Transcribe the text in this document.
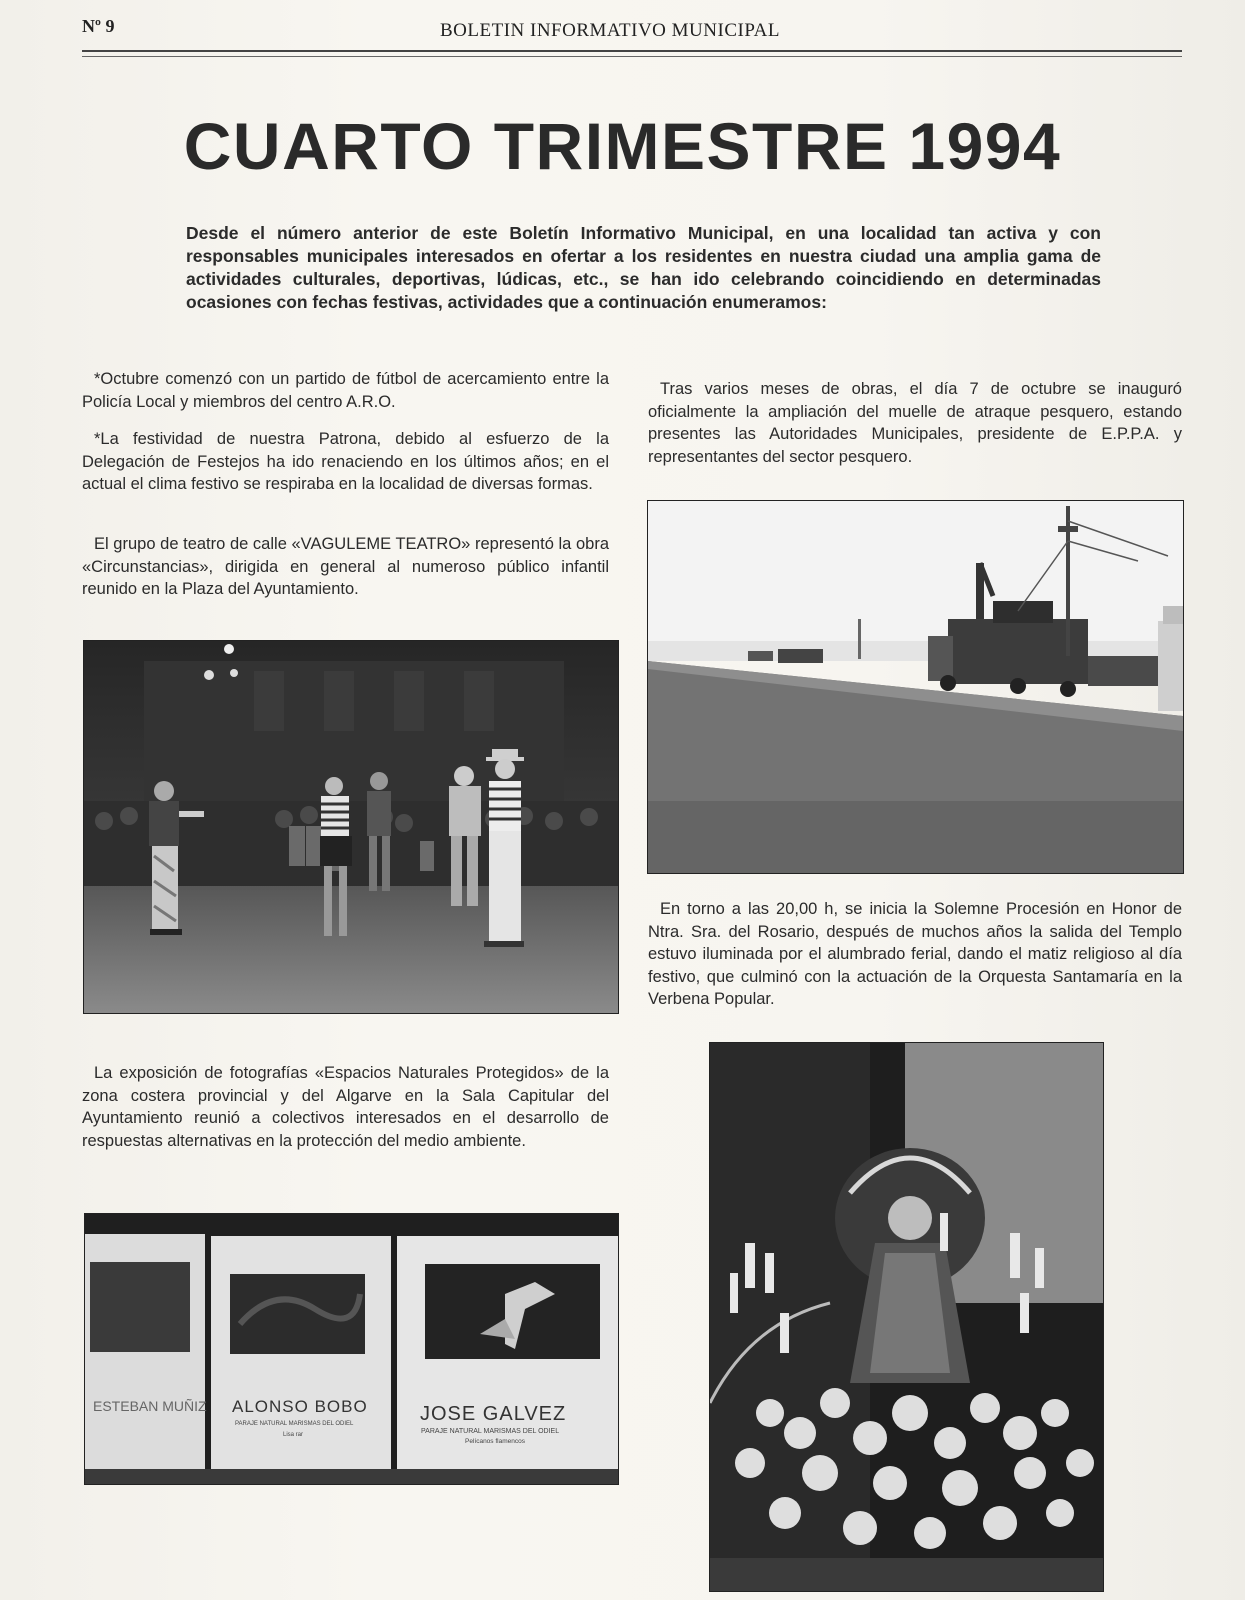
Nº 9	BOLETIN INFORMATIVO MUNICIPAL
CUARTO TRIMESTRE 1994
Desde el número anterior de este Boletín Informativo Municipal, en una localidad tan activa y con responsables municipales interesados en ofertar a los residentes en nuestra ciudad una amplia gama de actividades culturales, deportivas, lúdicas, etc., se han ido celebrando coincidiendo en determinadas ocasiones con fechas festivas, actividades que a continuación enumeramos:
*Octubre comenzó con un partido de fútbol de acercamiento entre la Policía Local y miembros del centro A.R.O.
*La festividad de nuestra Patrona, debido al esfuerzo de la Delegación de Festejos ha ido renaciendo en los últimos años; en el actual el clima festivo se respiraba en la localidad de diversas formas.
El grupo de teatro de calle «VAGULEME TEATRO» representó la obra «Circunstancias», dirigida en general al numeroso público infantil reunido en la Plaza del Ayuntamiento.
La exposición de fotografías «Espacios Naturales Protegidos» de la zona costera provincial y del Algarve en la Sala Capitular del Ayuntamiento reunió a colectivos interesados en el desarrollo de respuestas alternativas en la protección del medio ambiente.
ESTEBAN MUÑIZ ALONSO BOBO
PARAJE NATURAL MARISMAS DEL ODIEL
Lisa rar
JOSE GALVEZ
PARAJE NATURAL MARISMAS DEL ODIEL
Pelícanos flamencos
Tras varios meses de obras, el día 7 de octubre se inauguró oficialmente la ampliación del muelle de atraque pesquero, estando presentes las Autoridades Municipales, presidente de E.P.P.A. y representantes del sector pesquero.
En torno a las 20,00 h, se inicia la Solemne Procesión en Honor de Ntra. Sra. del Rosario, después de muchos años la salida del Templo estuvo iluminada por el alumbrado ferial, dando el matiz religioso al día festivo, que culminó con la actuación de la Orquesta Santamaría en la Verbena Popular.
